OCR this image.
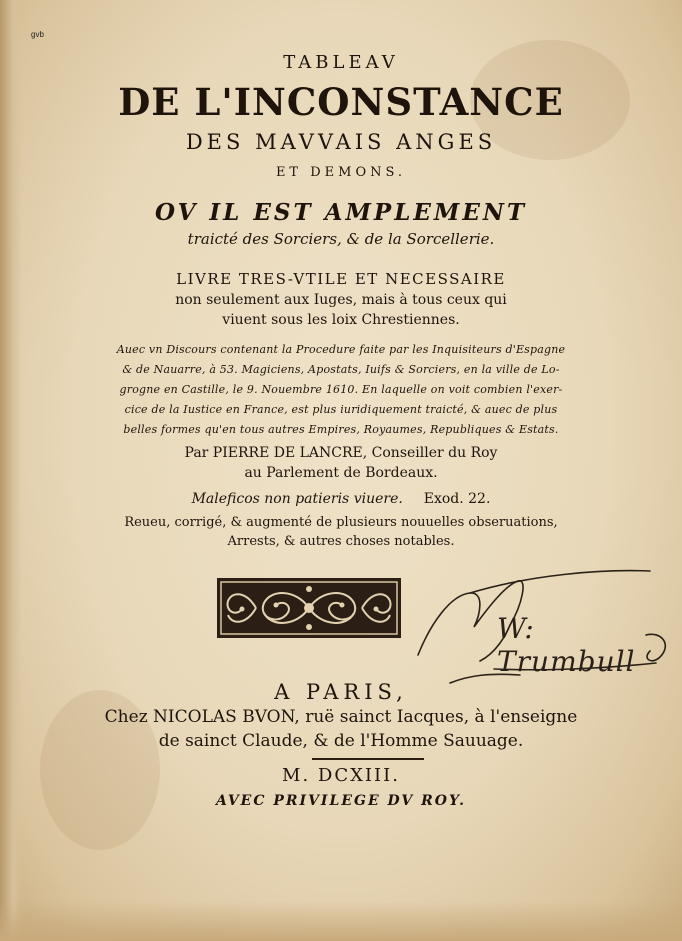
gvb
TABLEAV
DE L'INCONSTANCE
DES MAVVAIS ANGES
ET DEMONS.
OV IL EST AMPLEMENT
traicté des Sorciers, & de la Sorcellerie.
LIVRE TRES-VTILE ET NECESSAIRE
non seulement aux Iuges, mais à tous ceux qui
viuent sous les loix Chrestiennes.
Auec vn Discours contenant la Procedure faite par les Inquisiteurs d'Espagne
& de Nauarre, à 53. Magiciens, Apostats, Iuifs & Sorciers, en la ville de Lo-
grogne en Castille, le 9. Nouembre 1610. En laquelle on voit combien l'exer-
cice de la Iustice en France, est plus iuridiquement traicté, & auec de plus
belles formes qu'en tous autres Empires, Royaumes, Republiques & Estats.
Par PIERRE DE LANCRE, Conseiller du Roy
au Parlement de Bordeaux.
Maleficos non patieris viuere. Exod. 22.
Reueu, corrigé, & augmenté de plusieurs nouuelles obseruations,
Arrests, & autres choses notables.
W: Trumbull
A PARIS,
Chez NICOLAS BVON, ruë sainct Iacques, à l'enseigne
de sainct Claude, & de l'Homme Sauuage.
M. DCXIII.
AVEC PRIVILEGE DV ROY.
